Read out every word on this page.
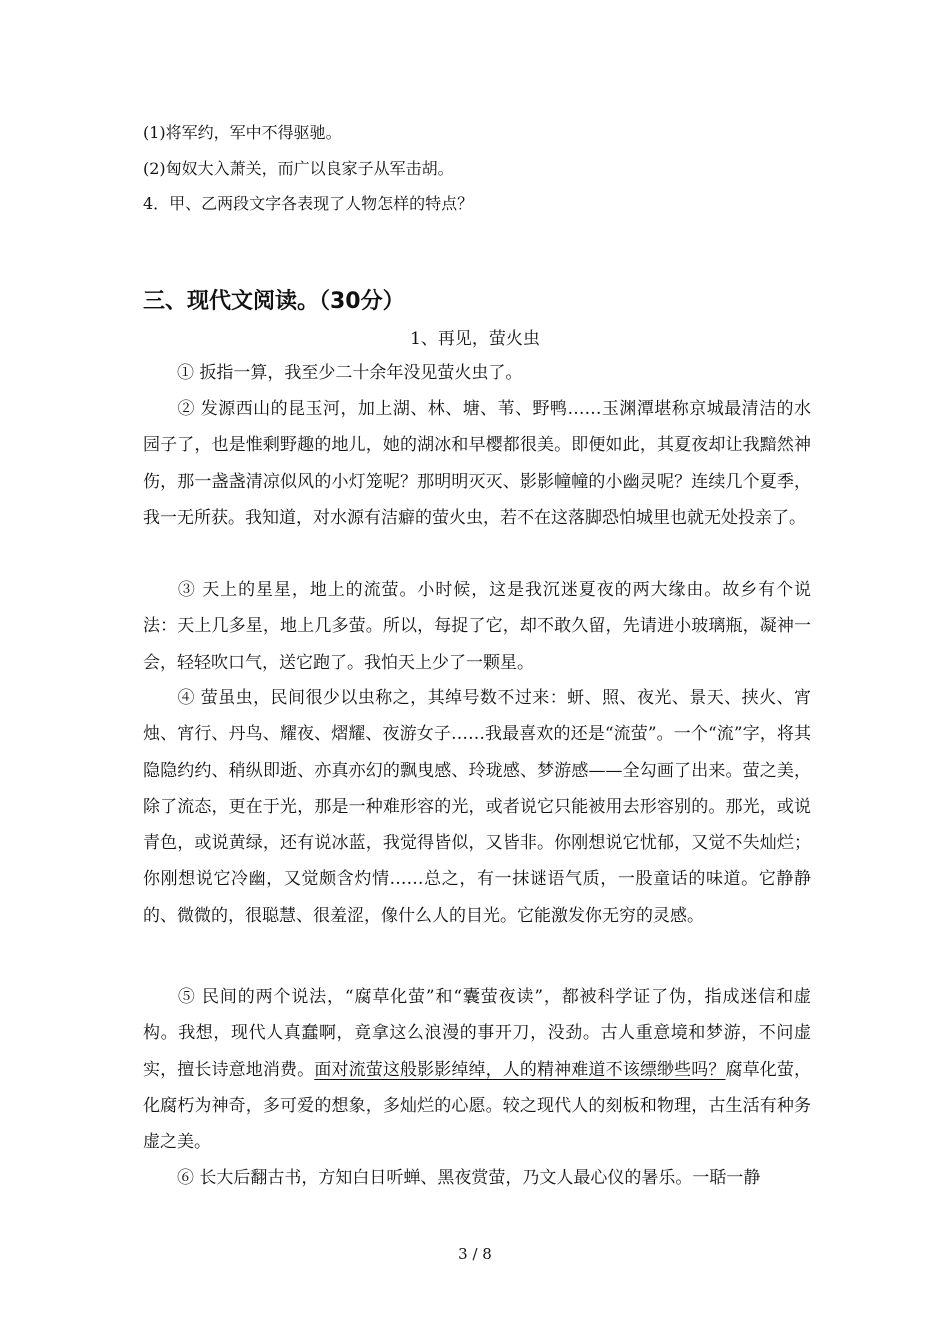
(1)将军约，军中不得驱驰。
(2)匈奴大入萧关，而广以良家子从军击胡。
4．甲、乙两段文字各表现了人物怎样的特点？
三、现代文阅读。（30分）
1、再见，萤火虫
① 扳指一算，我至少二十余年没见萤火虫了。
② 发源西山的昆玉河，加上湖、林、塘、苇、野鸭……玉渊潭堪称京城最清洁的水园子了，也是惟剩野趣的地儿，她的湖冰和早樱都很美。即便如此，其夏夜却让我黯然神伤，那一盏盏清凉似风的小灯笼呢？那明明灭灭、影影幢幢的小幽灵呢？连续几个夏季，我一无所获。我知道，对水源有洁癖的萤火虫，若不在这落脚恐怕城里也就无处投亲了。
③ 天上的星星，地上的流萤。小时候，这是我沉迷夏夜的两大缘由。故乡有个说法：天上几多星，地上几多萤。所以，每捉了它，却不敢久留，先请进小玻璃瓶，凝神一会，轻轻吹口气，送它跑了。我怕天上少了一颗星。
④ 萤虽虫，民间很少以虫称之，其绰号数不过来：蚈、照、夜光、景天、挟火、宵烛、宵行、丹鸟、耀夜、熠耀、夜游女子……我最喜欢的还是“流萤”。一个“流”字，将其隐隐约约、稍纵即逝、亦真亦幻的飘曳感、玲珑感、梦游感——全勾画了出来。萤之美，除了流态，更在于光，那是一种难形容的光，或者说它只能被用去形容别的。那光，或说青色，或说黄绿，还有说冰蓝，我觉得皆似，又皆非。你刚想说它忧郁，又觉不失灿烂；你刚想说它冷幽，又觉颇含灼情……总之，有一抹谜语气质，一股童话的味道。它静静的、微微的，很聪慧、很羞涩，像什么人的目光。它能激发你无穷的灵感。
⑤ 民间的两个说法，“腐草化萤”和“囊萤夜读”，都被科学证了伪，指成迷信和虚构。我想，现代人真蠢啊，竟拿这么浪漫的事开刀，没劲。古人重意境和梦游，不问虚实，擅长诗意地消费。面对流萤这般影影绰绰，人的精神难道不该缥缈些吗？腐草化萤，化腐朽为神奇，多可爱的想象，多灿烂的心愿。较之现代人的刻板和物理，古生活有种务虚之美。
⑥ 长大后翻古书，方知白日听蝉、黑夜赏萤，乃文人最心仪的暑乐。一聒一静
3 / 8
